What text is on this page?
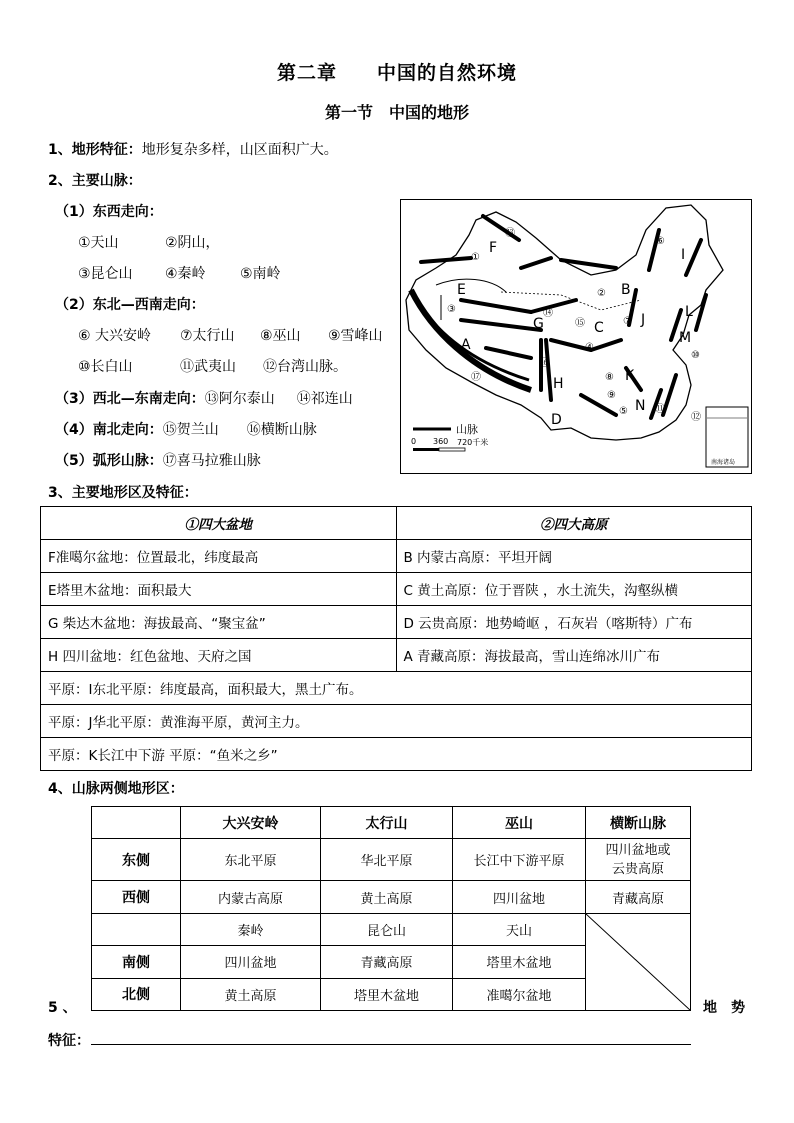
第二章　　中国的自然环境
第一节　中国的地形
1、地形特征：地形复杂多样，山区面积广大。
2、主要山脉：
（1）东西走向：
①天山	②阴山，
③昆仑山 ④秦岭 ⑤南岭
（2）东北—西南走向：
⑥ 大兴安岭 ⑦太行山 ⑧巫山 ⑨雪峰山
⑩长白山	⑪武夷山 ⑫台湾山脉。
（3）西北—东南走向：⑬阿尔泰山 ⑭祁连山
（4）南北走向：⑮贺兰山 ⑯横断山脉
（5）弧形山脉：⑰喜马拉雅山脉
F	I
E	B
A
G	C	J	L
M
H	K
D
N
⑬
①
⑥
②
③	⑭
⑮	⑦
④
⑯
⑰	⑧
⑨
⑤	⑪
⑫
⑩
山脉
0 360 720千米
南海诸岛
3、主要地形区及特征：
①四大盆地	②四大高原
F准噶尔盆地：位置最北，纬度最高	B 内蒙古高原：平坦开阔
E塔里木盆地：面积最大	C 黄土高原：位于晋陕 ，水土流失，沟壑纵横
G 柴达木盆地：海拔最高、“聚宝盆”	D 云贵高原：地势崎岖 ，石灰岩（喀斯特）广布
H 四川盆地：红色盆地、天府之国	A 青藏高原：海拔最高，雪山连绵冰川广布
平原：I东北平原：纬度最高，面积最大，黑土广布。	
平原：J华北平原：黄淮海平原，黄河主力。	
平原：K长江中下游 平原：“鱼米之乡”	
4、山脉两侧地形区：
	大兴安岭	太行山	巫山	横断山脉
东侧	东北平原	华北平原	长江中下游平原	四川盆地或
云贵高原
西侧	内蒙古高原	黄土高原	四川盆地	青藏高原
	秦岭	昆仑山	天山	

南侧	四川盆地	青藏高原	塔里木盆地	
北侧	黄土高原	塔里木盆地	准噶尔盆地	
5 、	地　势
特征：
